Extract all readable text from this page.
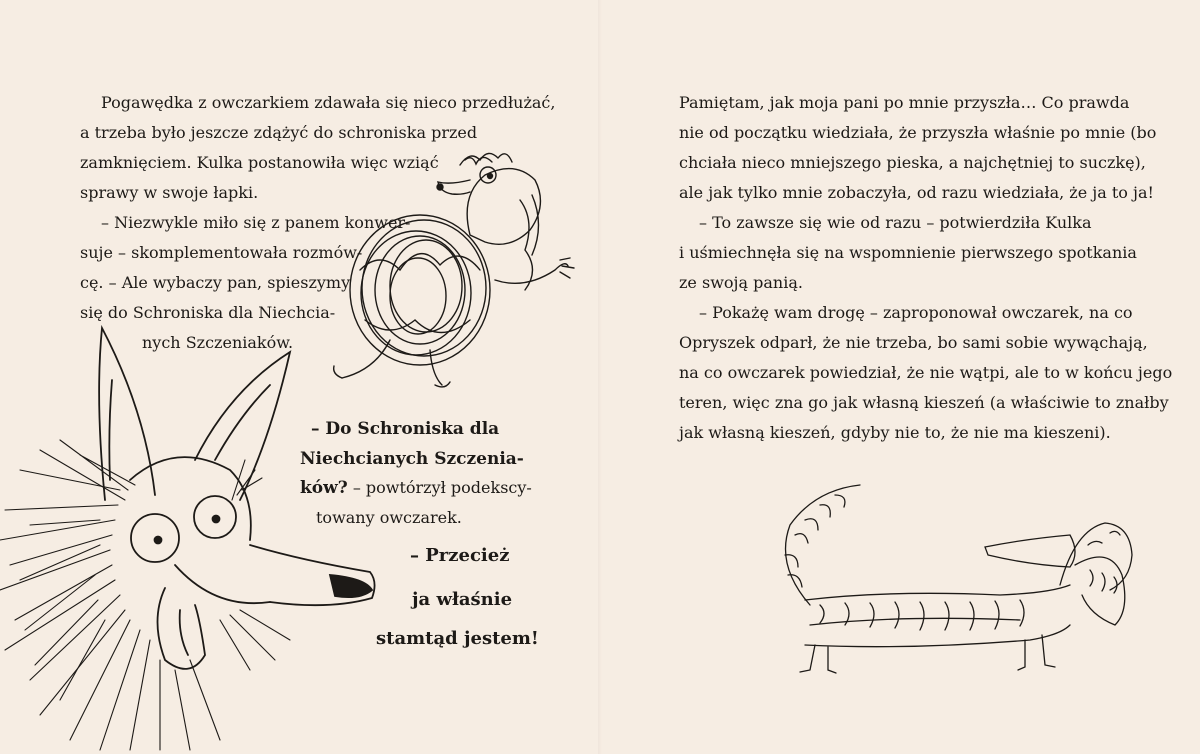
Pogawędka z owczarkiem zdawała się nieco przedłużać,
a trzeba było jeszcze zdążyć do schroniska przed
zamknięciem. Kulka postanowiła więc wziąć
sprawy w swoje łapki.
– Niezwykle miło się z panem konwer-
suje – skomplementowała rozmów-
cę. – Ale wybaczy pan, spieszymy
się do Schroniska dla Niechcia-
nych Szczeniaków.
– Do Schroniska dla
Niechcianych Szczenia-
ków? – powtórzył podekscy-
towany owczarek.
– Przecież
ja właśnie
stamtąd jestem!
Pamiętam, jak moja pani po mnie przyszła… Co prawda
nie od początku wiedziała, że przyszła właśnie po mnie (bo
chciała nieco mniejszego pieska, a najchętniej to suczkę),
ale jak tylko mnie zobaczyła, od razu wiedziała, że ja to ja!
– To zawsze się wie od razu – potwierdziła Kulka
i uśmiechnęła się na wspomnienie pierwszego spotkania
ze swoją panią.
– Pokażę wam drogę – zaproponował owczarek, na co
Opryszek odparł, że nie trzeba, bo sami sobie wywąchają,
na co owczarek powiedział, że nie wątpi, ale to w końcu jego
teren, więc zna go jak własną kieszeń (a właściwie to znałby
jak własną kieszeń, gdyby nie to, że nie ma kieszeni).
